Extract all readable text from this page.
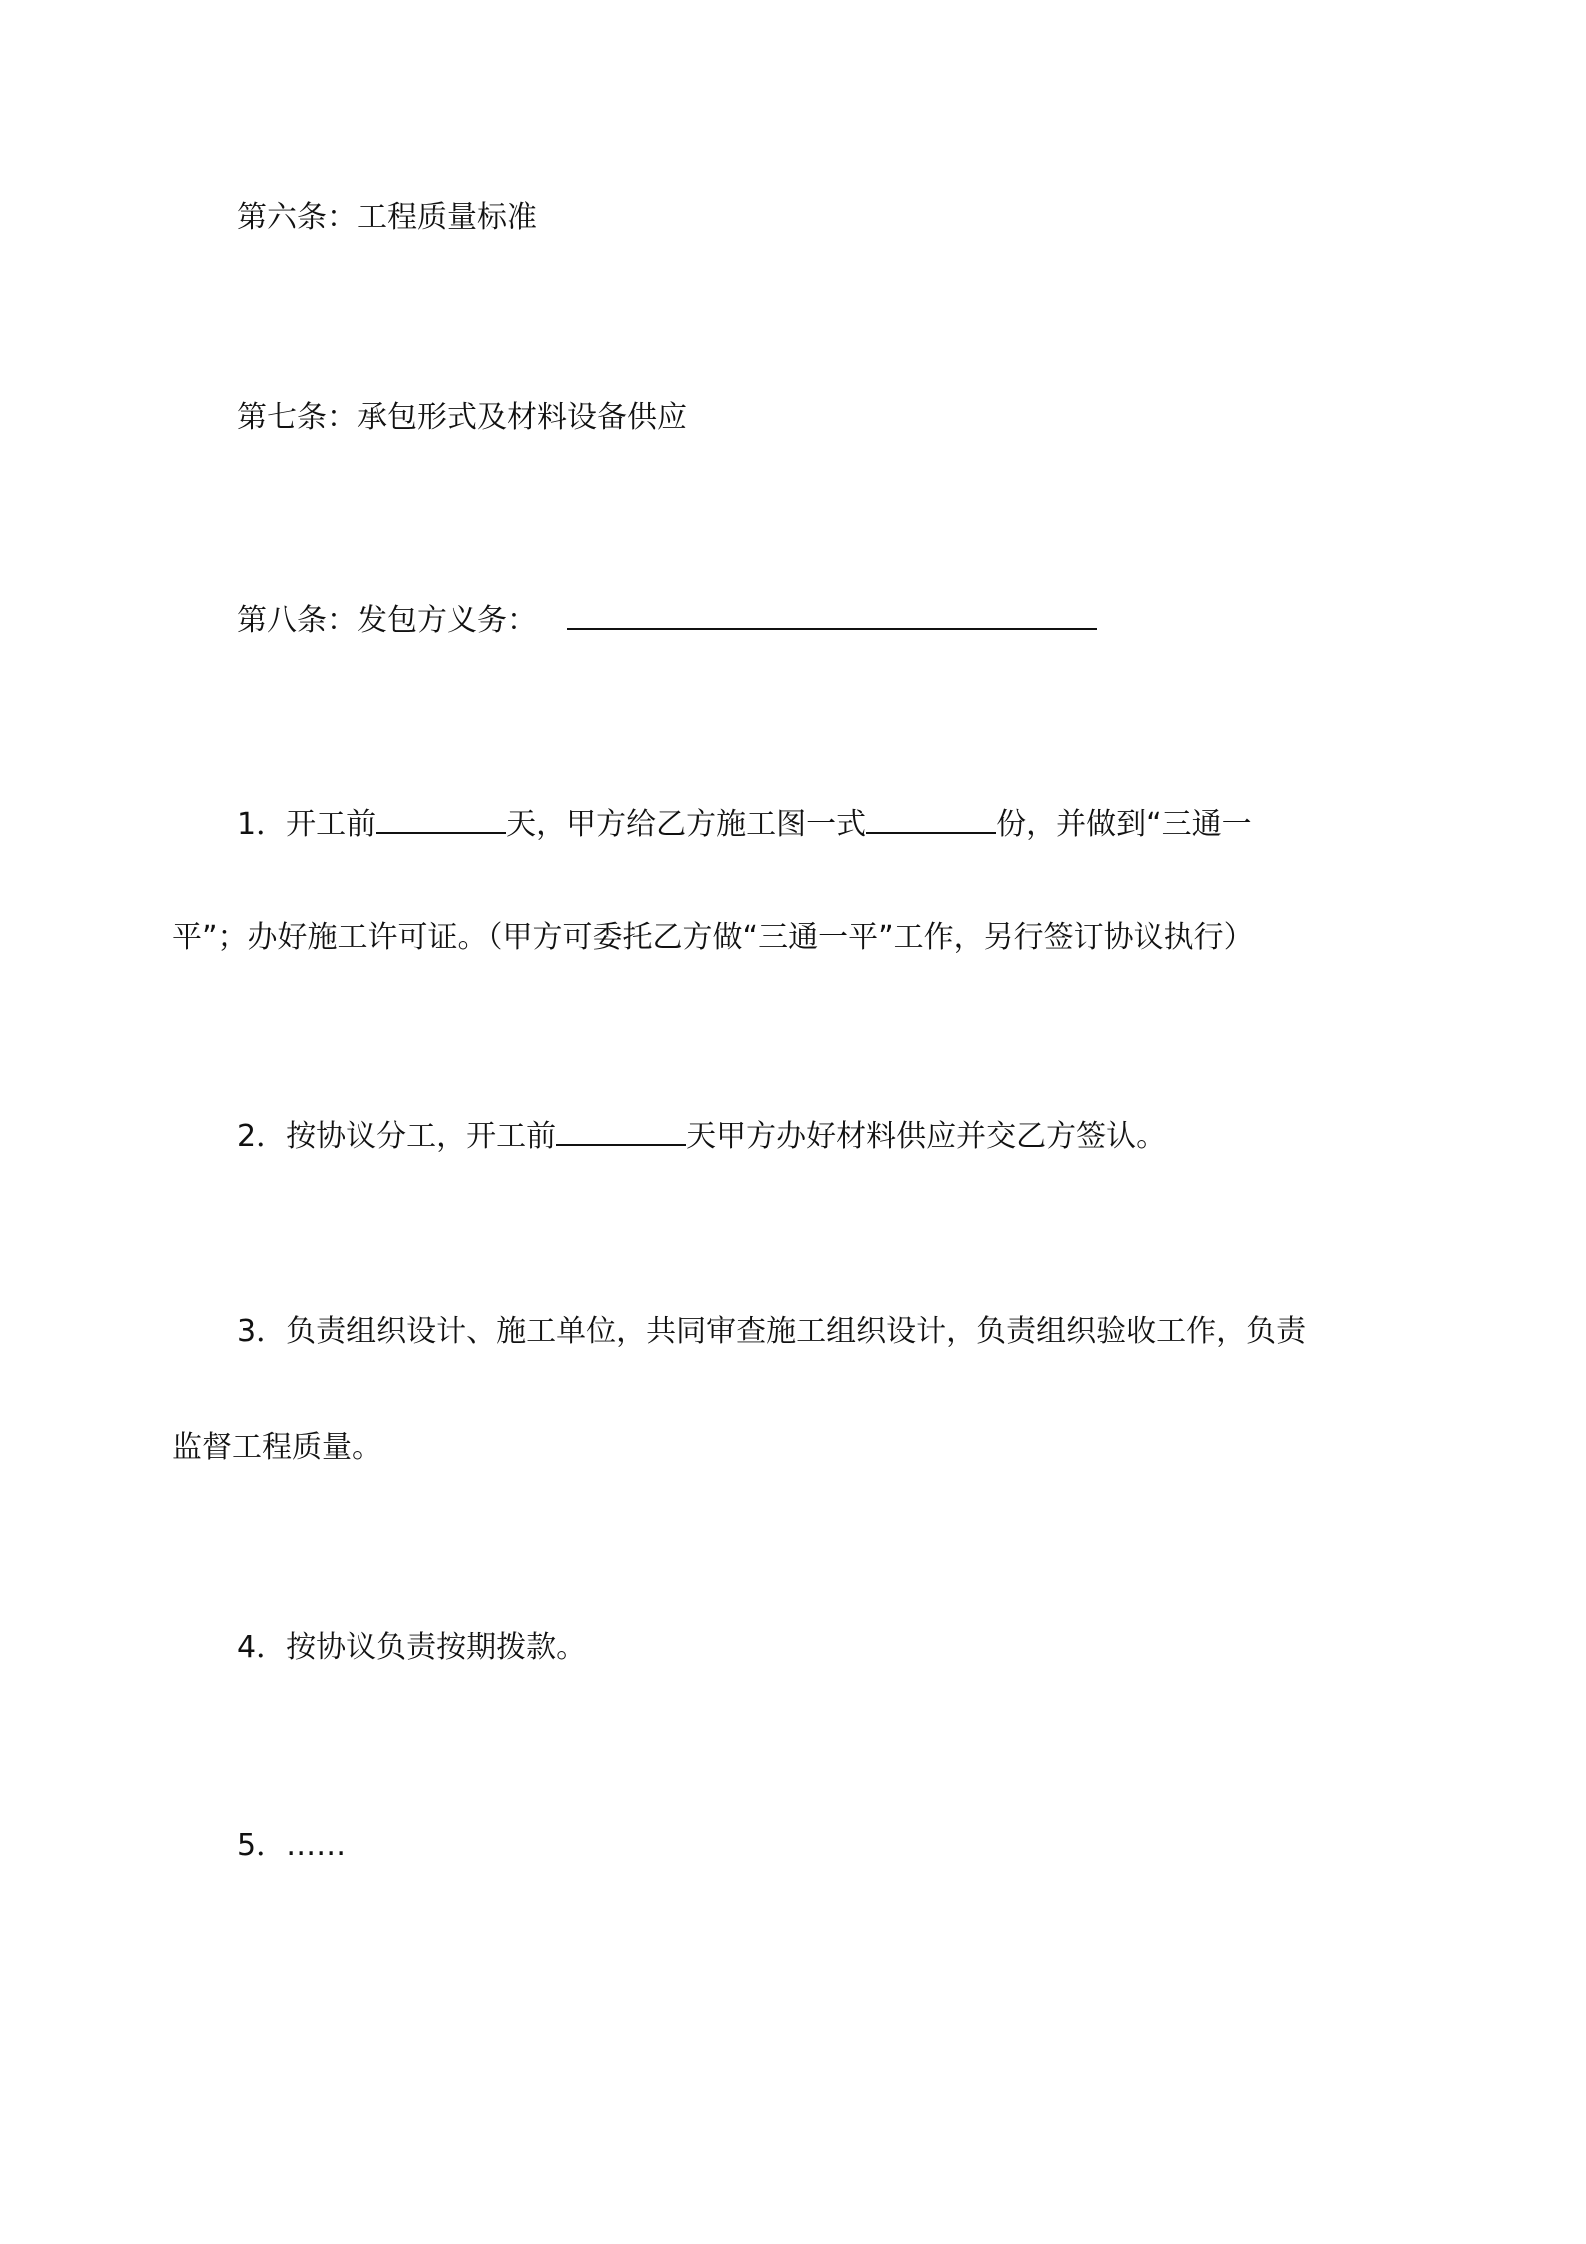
第六条：工程质量标准
第七条：承包形式及材料设备供应
第八条：发包方义务：
1．开工前	天，甲方给乙方施工图一式	份，并做到“三通一
平”；办好施工许可证。（甲方可委托乙方做“三通一平”工作，另行签订协议执行）
2．按协议分工，开工前	天甲方办好材料供应并交乙方签认。
3．负责组织设计、施工单位，共同审查施工组织设计，负责组织验收工作，负责
监督工程质量。
4．按协议负责按期拨款。
5．……
